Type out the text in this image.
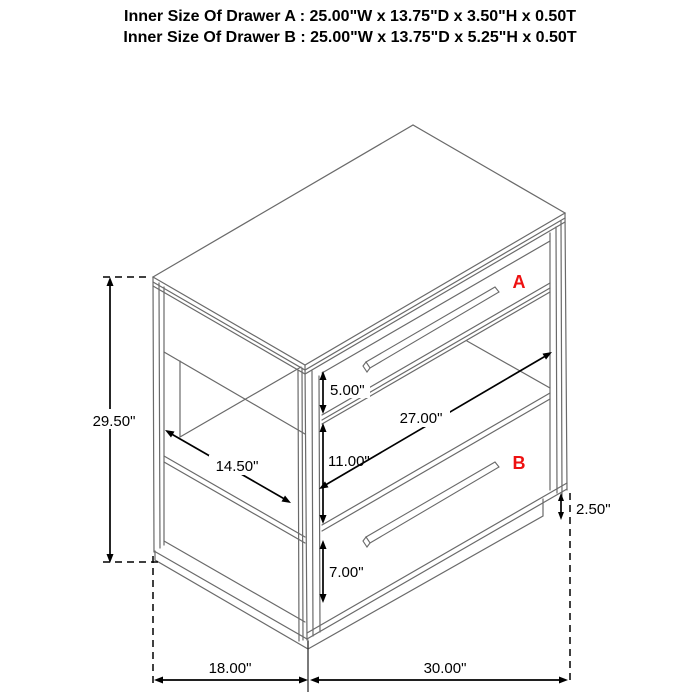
Inner Size Of Drawer A : 25.00"W x 13.75"D x 3.50"H x 0.50T

Inner Size Of Drawer B : 25.00"W x 13.75"D x 5.25"H x 0.50T

29.50"
14.50"
5.00"
11.00"
7.00"
27.00"
2.50"
18.00"	30.00"
A
B
